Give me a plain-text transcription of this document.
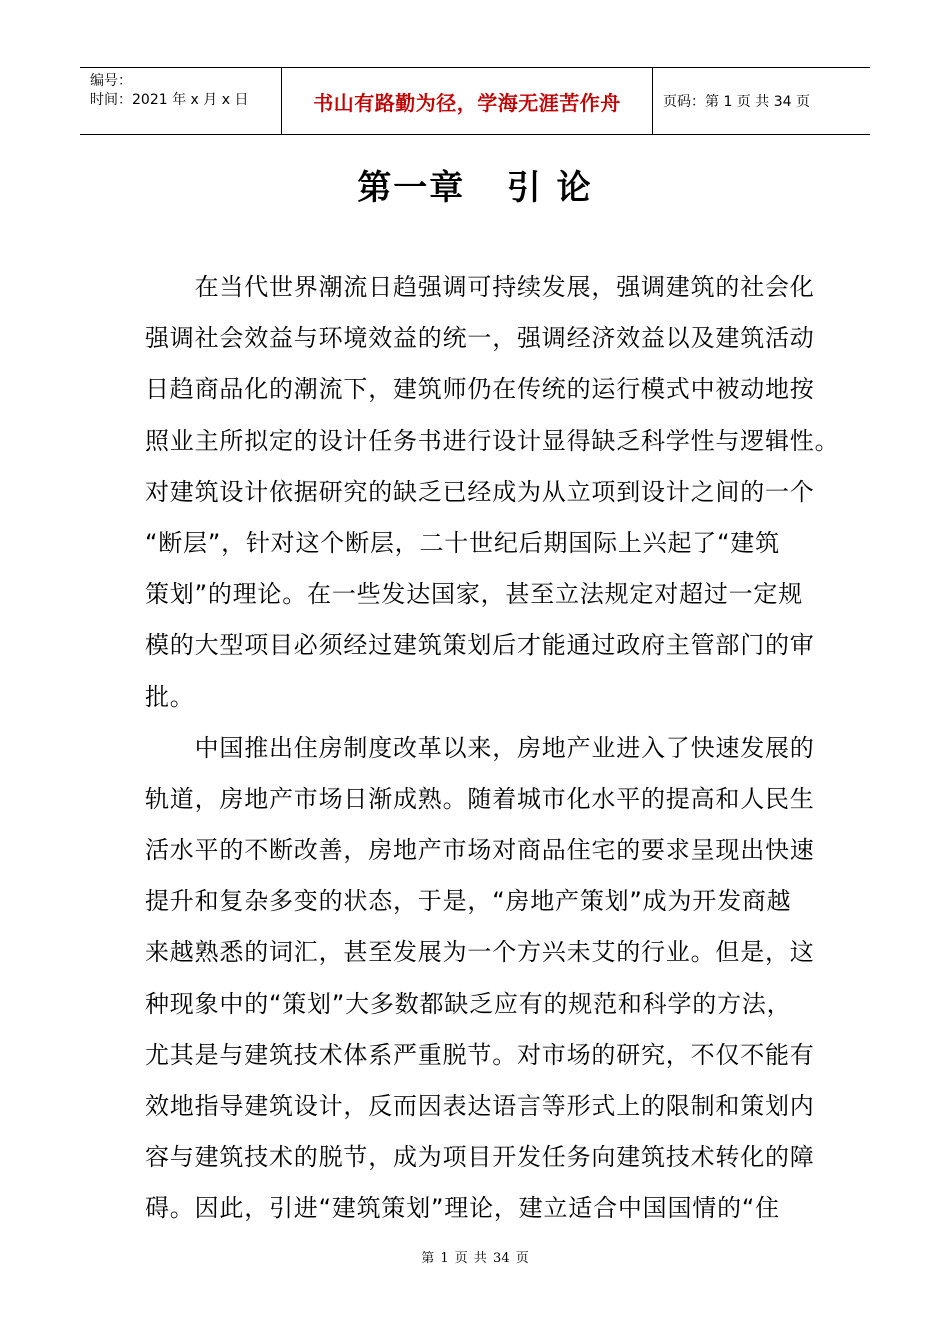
编号：
时间：2021 年 x 月 x 日	书山有路勤为径，学海无涯苦作舟	页码：第 1 页 共 34 页
第一章   引 论
　　在当代世界潮流日趋强调可持续发展，强调建筑的社会化
强调社会效益与环境效益的统一，强调经济效益以及建筑活动
日趋商品化的潮流下，建筑师仍在传统的运行模式中被动地按
照业主所拟定的设计任务书进行设计显得缺乏科学性与逻辑性。
对建筑设计依据研究的缺乏已经成为从立项到设计之间的一个
“断层”，针对这个断层，二十世纪后期国际上兴起了“建筑
策划”的理论。在一些发达国家，甚至立法规定对超过一定规
模的大型项目必须经过建筑策划后才能通过政府主管部门的审
批。
　　中国推出住房制度改革以来，房地产业进入了快速发展的
轨道，房地产市场日渐成熟。随着城市化水平的提高和人民生
活水平的不断改善，房地产市场对商品住宅的要求呈现出快速
提升和复杂多变的状态，于是，“房地产策划”成为开发商越
来越熟悉的词汇，甚至发展为一个方兴未艾的行业。但是，这
种现象中的“策划”大多数都缺乏应有的规范和科学的方法，
尤其是与建筑技术体系严重脱节。对市场的研究，不仅不能有
效地指导建筑设计，反而因表达语言等形式上的限制和策划内
容与建筑技术的脱节，成为项目开发任务向建筑技术转化的障
碍。因此，引进“建筑策划”理论，建立适合中国国情的“住
第 1 页 共 34 页
